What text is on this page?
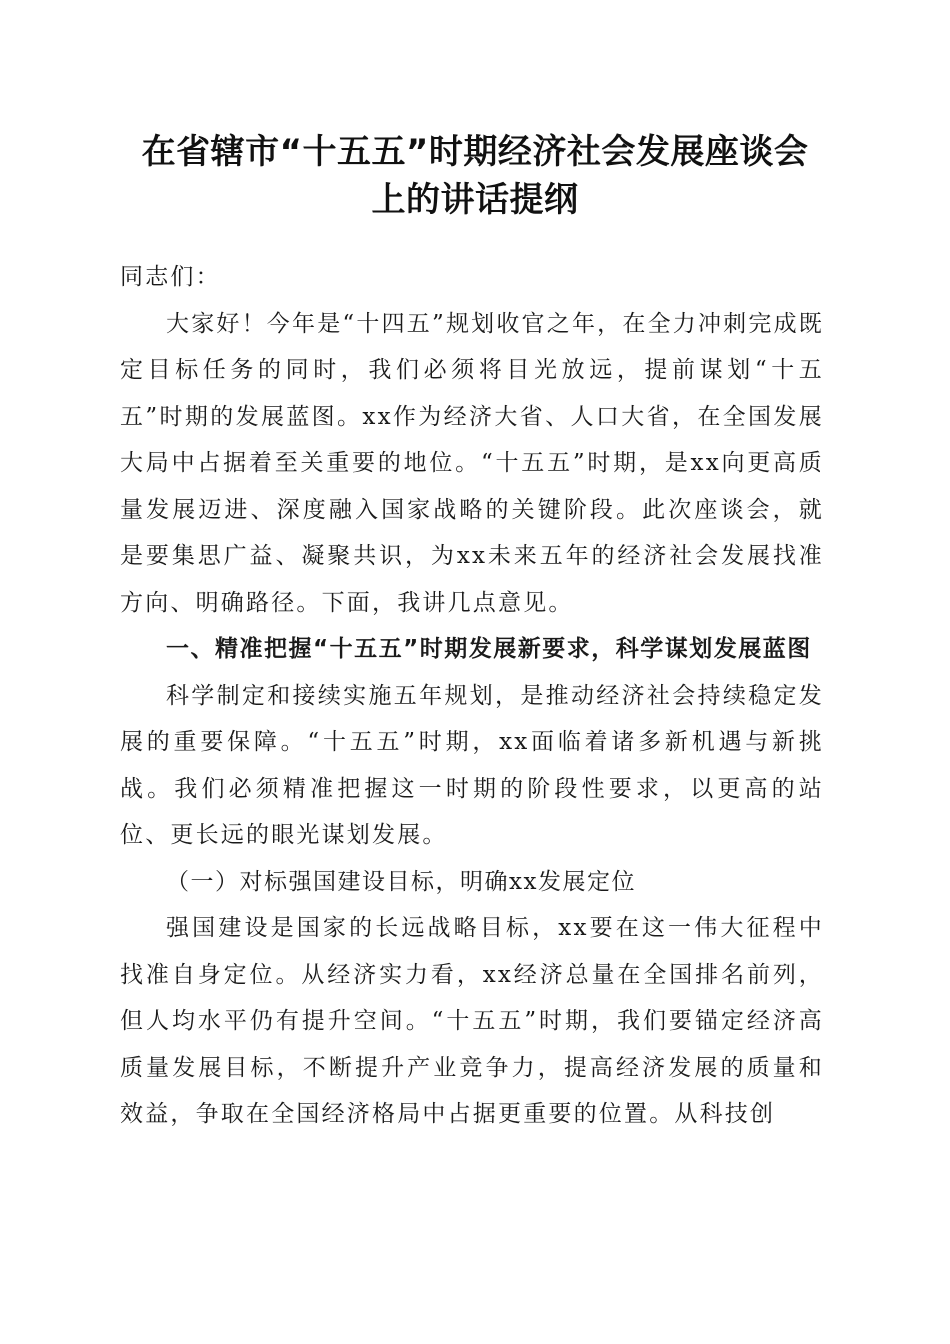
在省辖市“十五五”时期经济社会发展座谈会
上的讲话提纲

同志们：

大家好！今年是“十四五”规划收官之年，在全力冲刺完成既定目标任务的同时，我们必须将目光放远，提前谋划“十五五”时期的发展蓝图。xx作为经济大省、人口大省，在全国发展大局中占据着至关重要的地位。“十五五”时期，是xx向更高质量发展迈进、深度融入国家战略的关键阶段。此次座谈会，就是要集思广益、凝聚共识，为xx未来五年的经济社会发展找准方向、明确路径。下面，我讲几点意见。

一、精准把握“十五五”时期发展新要求，科学谋划发展蓝图

科学制定和接续实施五年规划，是推动经济社会持续稳定发展的重要保障。“十五五”时期，xx面临着诸多新机遇与新挑战。我们必须精准把握这一时期的阶段性要求，以更高的站位、更长远的眼光谋划发展。

（一）对标强国建设目标，明确xx发展定位

强国建设是国家的长远战略目标，xx要在这一伟大征程中找准自身定位。从经济实力看，xx经济总量在全国排名前列，但人均水平仍有提升空间。“十五五”时期，我们要锚定经济高质量发展目标，不断提升产业竞争力，提高经济发展的质量和效益，争取在全国经济格局中占据更重要的位置。从科技创
